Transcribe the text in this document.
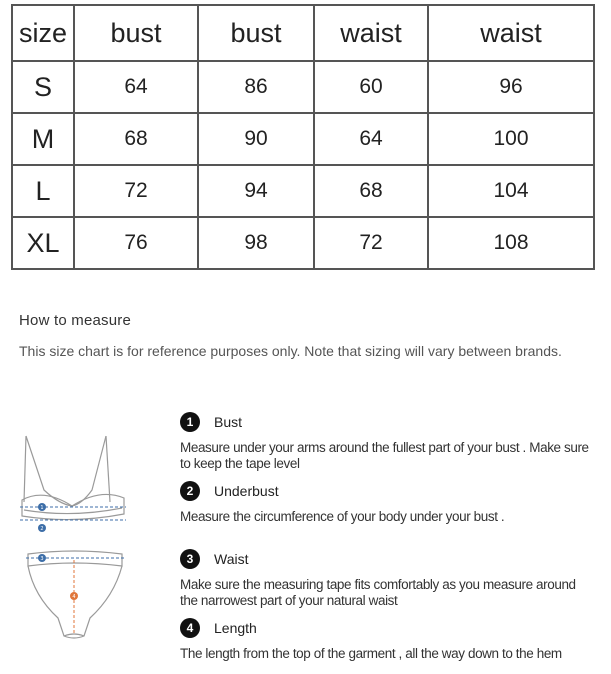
size	bust	bust	waist	waist
S	64	86	60	96
M	68	90	64	100
L	72	94	68	104
XL	76	98	72	108
How to measure
This size chart is for reference purposes only. Note that sizing will vary between brands.
1
2
3
4
1 Bust
Measure under your arms around the fullest part of your bust . Make sure to keep the tape level
2 Underbust
Measure the circumference of your body under your bust .
3 Waist
Make sure the measuring tape fits comfortably as you measure around the narrowest part of your natural waist
4 Length
The length from the top of the garment , all the way down to the hem
